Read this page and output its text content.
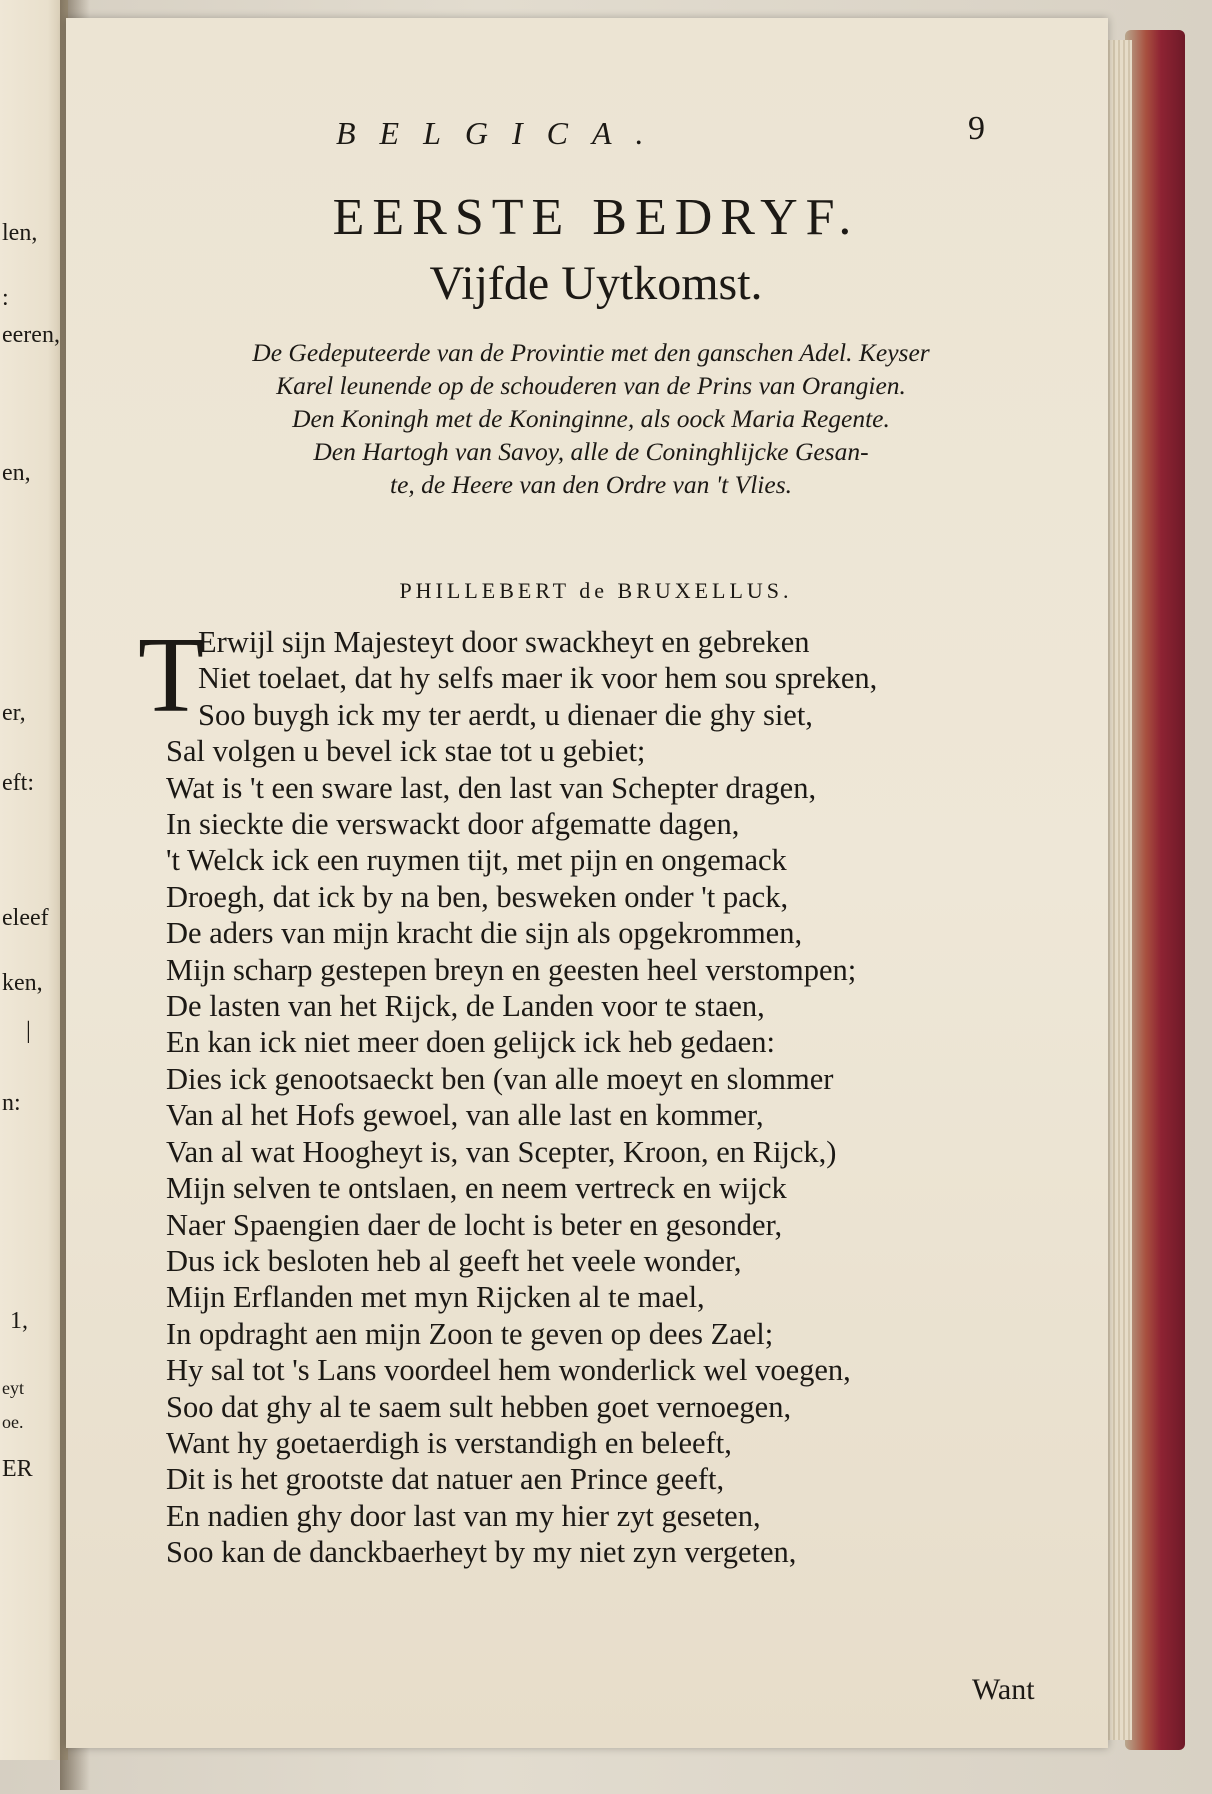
len,
:
eeren,
en,
er,
eft:
eleef
ken,
|
n:
1,
eyt
oe.
ER
BELGICA.	9
EERSTE BEDRYF.
Vijfde Uytkomst.
De Gedeputeerde van de Provintie met den ganschen Adel. Keyser
Karel leunende op de schouderen van de Prins van Orangien.
Den Koningh met de Koninginne, als oock Maria Regente.
Den Hartogh van Savoy, alle de Coninghlijcke Gesan-
te, de Heere van den Ordre van 't Vlies.
PHILLEBERT de BRUXELLUS.
T
Erwijl sijn Majesteyt door swackheyt en gebreken
Niet toelaet, dat hy selfs maer ik voor hem sou spreken,
Soo buygh ick my ter aerdt, u dienaer die ghy siet,
Sal volgen u bevel ick stae tot u gebiet;
Wat is 't een sware last, den last van Schepter dragen,
In sieckte die verswackt door afgematte dagen,
't Welck ick een ruymen tijt, met pijn en ongemack
Droegh, dat ick by na ben, besweken onder 't pack,
De aders van mijn kracht die sijn als opgekrommen,
Mijn scharp gestepen breyn en geesten heel verstompen;
De lasten van het Rijck, de Landen voor te staen,
En kan ick niet meer doen gelijck ick heb gedaen:
Dies ick genootsaeckt ben (van alle moeyt en slommer
Van al het Hofs gewoel, van alle last en kommer,
Van al wat Hoogheyt is, van Scepter, Kroon, en Rijck,)
Mijn selven te ontslaen, en neem vertreck en wijck
Naer Spaengien daer de locht is beter en gesonder,
Dus ick besloten heb al geeft het veele wonder,
Mijn Erflanden met myn Rijcken al te mael,
In opdraght aen mijn Zoon te geven op dees Zael;
Hy sal tot 's Lans voordeel hem wonderlick wel voegen,
Soo dat ghy al te saem sult hebben goet vernoegen,
Want hy goetaerdigh is verstandigh en beleeft,
Dit is het grootste dat natuer aen Prince geeft,
En nadien ghy door last van my hier zyt geseten,
Soo kan de danckbaerheyt by my niet zyn vergeten,
Want
